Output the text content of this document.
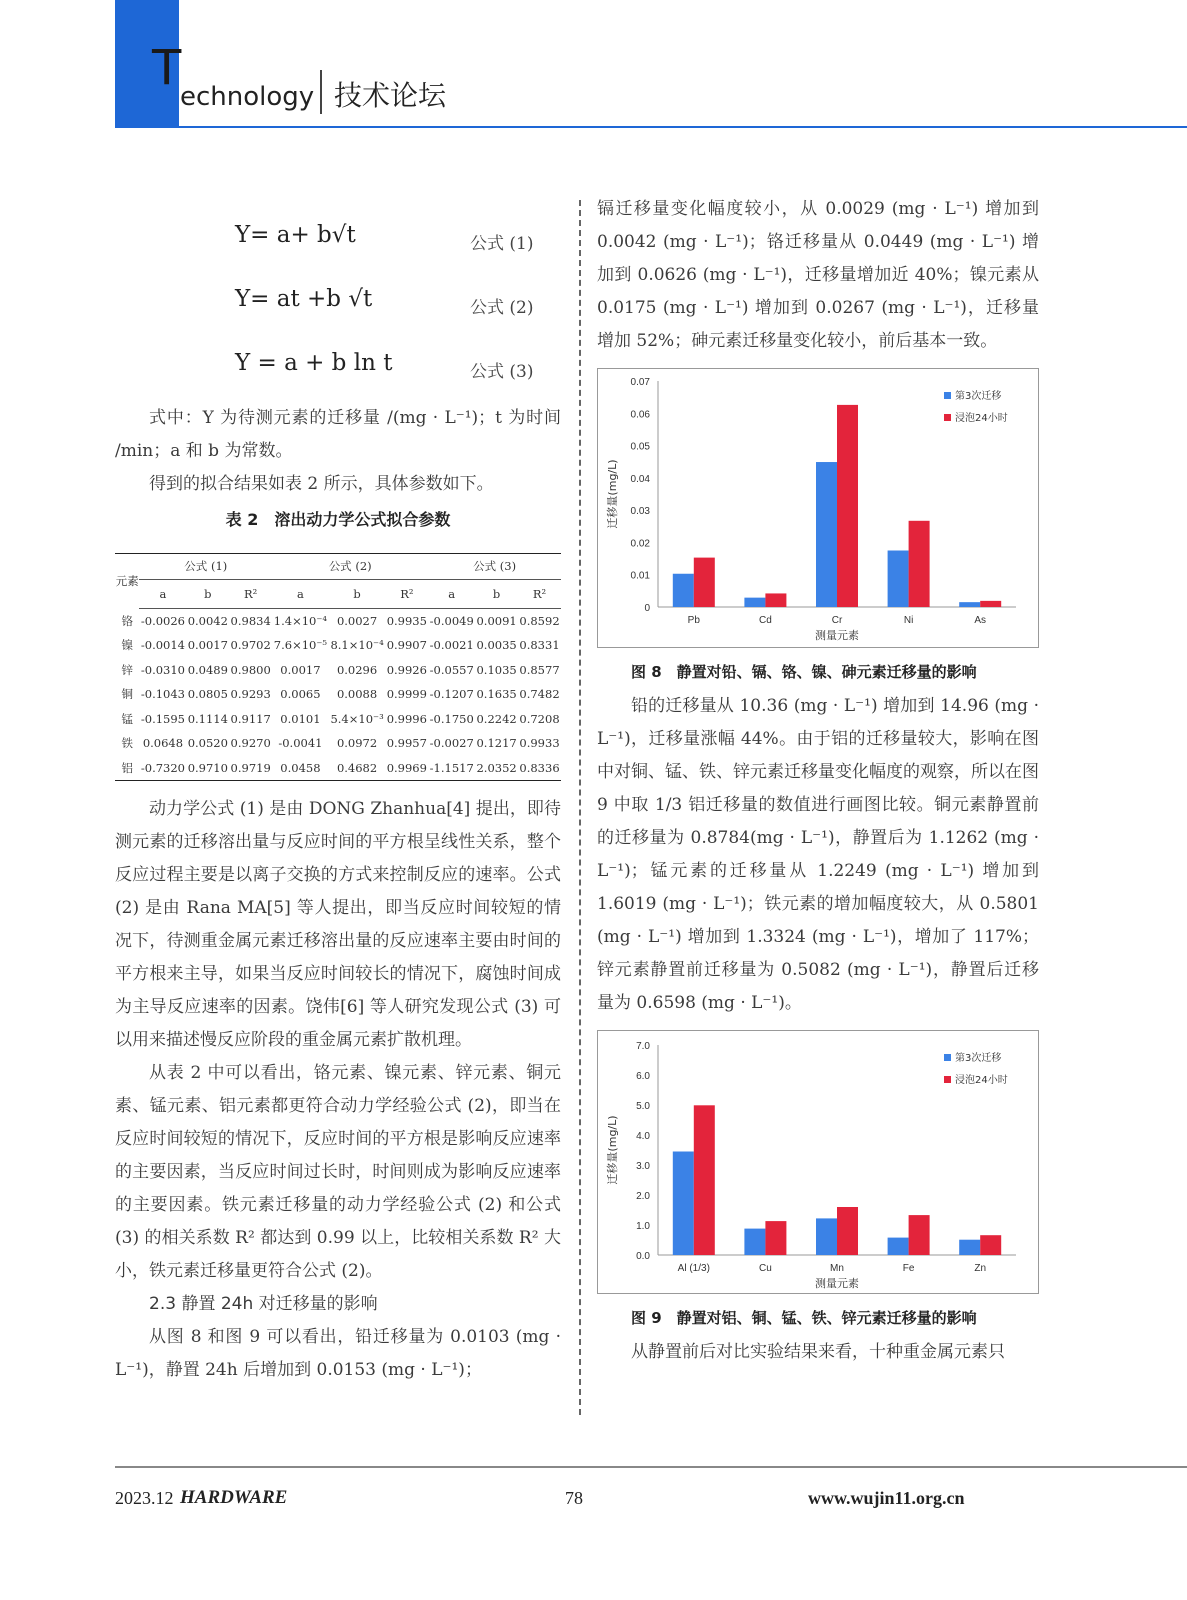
T
echnology 技术论坛
Y= a+ b√t	公式 (1)
Y= at +b √t	公式 (2)
Y = a + b ln t	公式 (3)

式中：Y 为待测元素的迁移量 /(mg · L⁻¹)；t 为时间 /min；a 和 b 为常数。

得到的拟合结果如表 2 所示，具体参数如下。

表 2　溶出动力学公式拟合参数
元素	公式 (1)			公式 (2)			公式 (3)		
	a	b	R²	a	b	R²	a	b	R²
铬	-0.0026	0.0042	0.9834	1.4×10⁻⁴	0.0027	0.9935	-0.0049	0.0091	0.8592
镍	-0.0014	0.0017	0.9702	7.6×10⁻⁵	8.1×10⁻⁴	0.9907	-0.0021	0.0035	0.8331
锌	-0.0310	0.0489	0.9800	0.0017	0.0296	0.9926	-0.0557	0.1035	0.8577
铜	-0.1043	0.0805	0.9293	0.0065	0.0088	0.9999	-0.1207	0.1635	0.7482
锰	-0.1595	0.1114	0.9117	0.0101	5.4×10⁻³	0.9996	-0.1750	0.2242	0.7208
铁	0.0648	0.0520	0.9270	-0.0041	0.0972	0.9957	-0.0027	0.1217	0.9933
铝	-0.7320	0.9710	0.9719	0.0458	0.4682	0.9969	-1.1517	2.0352	0.8336

动力学公式 (1) 是由 DONG Zhanhua[4] 提出，即待测元素的迁移溶出量与反应时间的平方根呈线性关系，整个反应过程主要是以离子交换的方式来控制反应的速率。公式 (2) 是由 Rana MA[5] 等人提出，即当反应时间较短的情况下，待测重金属元素迁移溶出量的反应速率主要由时间的平方根来主导，如果当反应时间较长的情况下，腐蚀时间成为主导反应速率的因素。饶伟[6] 等人研究发现公式 (3) 可以用来描述慢反应阶段的重金属元素扩散机理。

从表 2 中可以看出，铬元素、镍元素、锌元素、铜元素、锰元素、铝元素都更符合动力学经验公式 (2)，即当在反应时间较短的情况下，反应时间的平方根是影响反应速率的主要因素，当反应时间过长时，时间则成为影响反应速率的主要因素。铁元素迁移量的动力学经验公式 (2) 和公式 (3) 的相关系数 R² 都达到 0.99 以上，比较相关系数 R² 大小，铁元素迁移量更符合公式 (2)。

2.3 静置 24h 对迁移量的影响

从图 8 和图 9 可以看出，铅迁移量为 0.0103 (mg · L⁻¹)，静置 24h 后增加到 0.0153 (mg · L⁻¹)；

镉迁移量变化幅度较小，从 0.0029 (mg · L⁻¹) 增加到 0.0042 (mg · L⁻¹)；铬迁移量从 0.0449 (mg · L⁻¹) 增加到 0.0626 (mg · L⁻¹)，迁移量增加近 40%；镍元素从 0.0175 (mg · L⁻¹) 增加到 0.0267 (mg · L⁻¹)，迁移量增加 52%；砷元素迁移量变化较小，前后基本一致。

0
0.01
0.02
0.03
0.04
0.05
0.06
0.07
Pb	Cd	Cr	Ni	As
测量元素
迁移量(mg/L)
第3次迁移
浸泡24小时
图 8　静置对铅、镉、铬、镍、砷元素迁移量的影响

铅的迁移量从 10.36 (mg · L⁻¹) 增加到 14.96 (mg · L⁻¹)，迁移量涨幅 44%。由于铝的迁移量较大，影响在图中对铜、锰、铁、锌元素迁移量变化幅度的观察，所以在图 9 中取 1/3 铝迁移量的数值进行画图比较。铜元素静置前的迁移量为 0.8784(mg · L⁻¹)，静置后为 1.1262 (mg · L⁻¹)；锰元素的迁移量从 1.2249 (mg · L⁻¹) 增加到 1.6019 (mg · L⁻¹)；铁元素的增加幅度较大，从 0.5801 (mg · L⁻¹) 增加到 1.3324 (mg · L⁻¹)，增加了 117%；锌元素静置前迁移量为 0.5082 (mg · L⁻¹)，静置后迁移量为 0.6598 (mg · L⁻¹)。

0.0
1.0
2.0
3.0
4.0
5.0
6.0
7.0
Al (1/3)	Cu	Mn	Fe	Zn
测量元素
迁移量(mg/L)
第3次迁移
浸泡24小时
图 9　静置对铝、铜、锰、铁、锌元素迁移量的影响

从静置前后对比实验结果来看，十种重金属元素只

2023.12 HARDWARE	78	www.wujin11.org.cn
